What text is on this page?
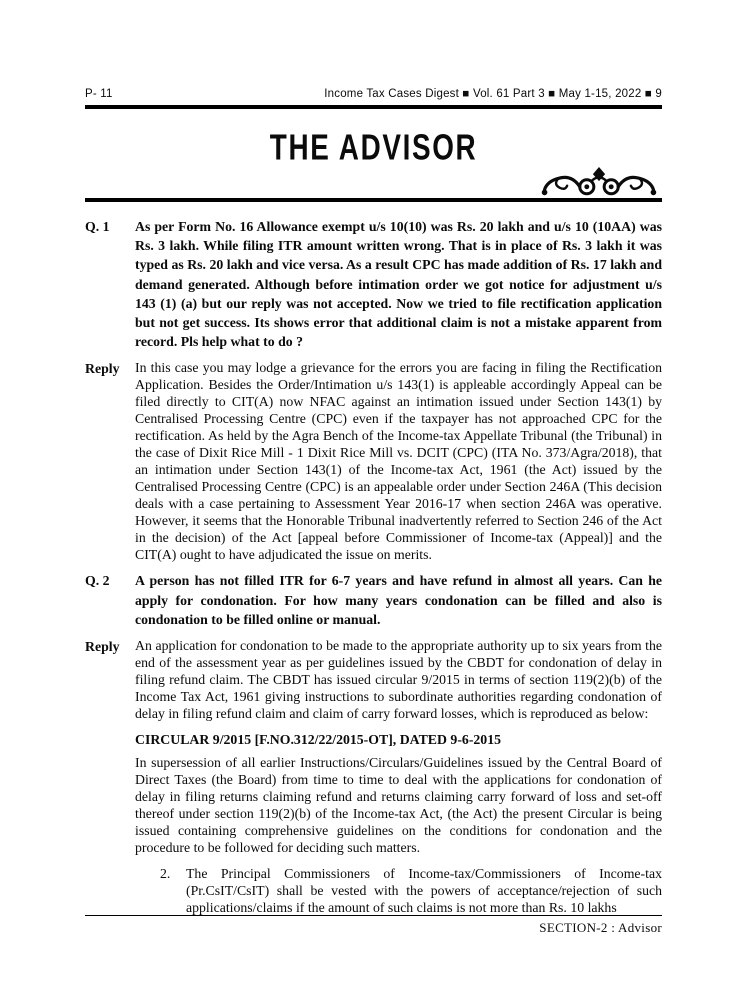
P- 11	Income Tax Cases Digest ■ Vol. 61 Part 3 ■ May 1-15, 2022 ■ 9
THE ADVISOR
Q. 1	As per Form No. 16 Allowance exempt u/s 10(10) was Rs. 20 lakh and u/s 10 (10AA) was Rs. 3 lakh. While filing ITR amount written wrong. That is in place of Rs. 3 lakh it was typed as Rs. 20 lakh and vice versa. As a result CPC has made addition of Rs. 17 lakh and demand generated. Although before intimation order we got notice for adjustment u/s 143 (1) (a) but our reply was not accepted. Now we tried to file rectification application but not get success. Its shows error that additional claim is not a mistake apparent from record. Pls help what to do ?

Reply	In this case you may lodge a grievance for the errors you are facing in filing the Rectification Application. Besides the Order/Intimation u/s 143(1) is appleable accordingly Appeal can be filed directly to CIT(A) now NFAC against an intimation issued under Section 143(1) by Centralised Processing Centre (CPC) even if the taxpayer has not approached CPC for the rectification. As held by the Agra Bench of the Income-tax Appellate Tribunal (the Tribunal) in the case of Dixit Rice Mill - 1 Dixit Rice Mill vs. DCIT (CPC) (ITA No. 373/Agra/2018), that an intimation under Section 143(1) of the Income-tax Act, 1961 (the Act) issued by the Centralised Processing Centre (CPC) is an appealable order under Section 246A (This decision deals with a case pertaining to Assessment Year 2016-17 when section 246A was operative. However, it seems that the Honorable Tribunal inadvertently referred to Section 246 of the Act in the decision) of the Act [appeal before Commissioner of Income-tax (Appeal)] and the CIT(A) ought to have adjudicated the issue on merits.

Q. 2	A person has not filled ITR for 6-7 years and have refund in almost all years. Can he apply for condonation. For how many years condonation can be filled and also is condonation to be filled online or manual.

Reply	An application for condonation to be made to the appropriate authority up to six years from the end of the assessment year as per guidelines issued by the CBDT for condonation of delay in filing refund claim. The CBDT has issued circular 9/2015 in terms of section 119(2)(b) of the Income Tax Act, 1961 giving instructions to subordinate authorities regarding condonation of delay in filing refund claim and claim of carry forward losses, which is reproduced as below:

CIRCULAR 9/2015 [F.NO.312/22/2015-OT], DATED 9-6-2015

In supersession of all earlier Instructions/Circulars/Guidelines issued by the Central Board of Direct Taxes (the Board) from time to time to deal with the applications for condonation of delay in filing returns claiming refund and returns claiming carry forward of loss and set-off thereof under section 119(2)(b) of the Income-tax Act, (the Act) the present Circular is being issued containing comprehensive guidelines on the conditions for condonation and the procedure to be followed for deciding such matters.

2.	The Principal Commissioners of Income-tax/Commissioners of Income-tax (Pr.CsIT/CsIT) shall be vested with the powers of acceptance/rejection of such applications/claims if the amount of such claims is not more than Rs. 10 lakhs

SECTION-2 : Advisor
